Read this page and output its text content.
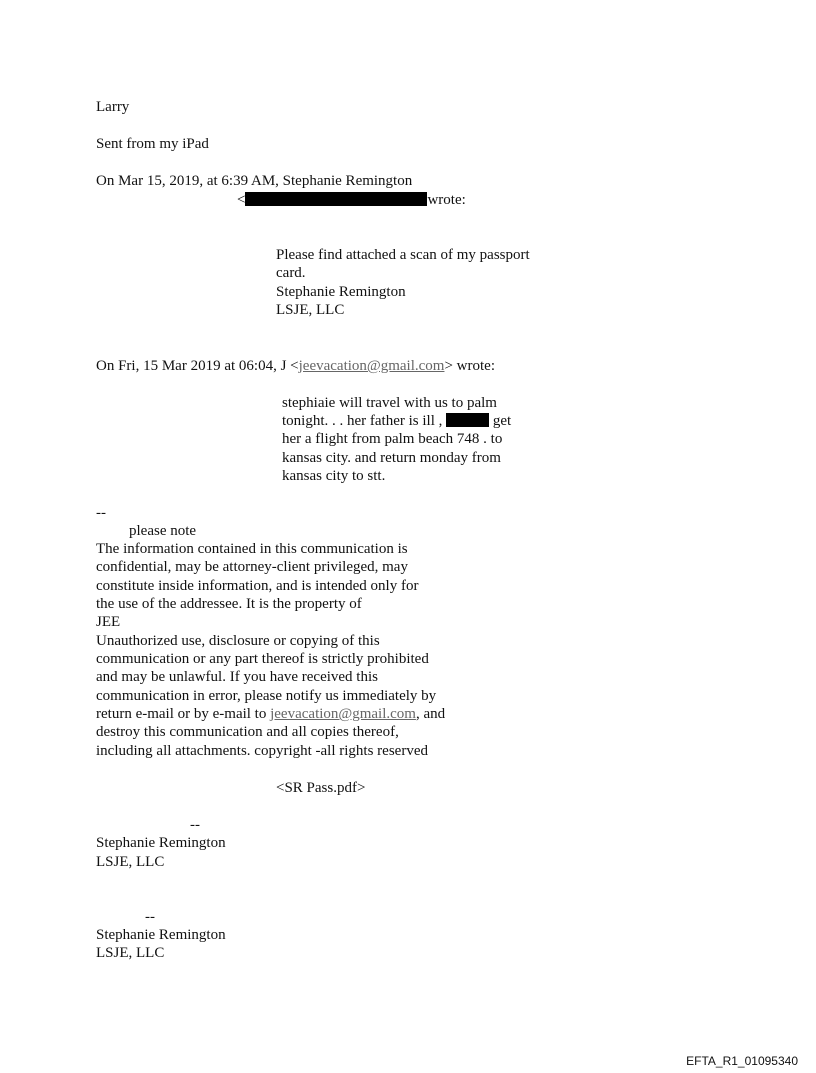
Larry
Sent from my iPad
On Mar 15, 2019, at 6:39 AM, Stephanie Remington
<	wrote:
Please find attached a scan of my passport
card.
Stephanie Remington
LSJE, LLC
On Fri, 15 Mar 2019 at 06:04, J <jeevacation@gmail.com> wrote:
stephiaie will travel with us to palm
tonight. . . her father is ill ,	get
her a flight from palm beach 748 . to
kansas city. and return monday from
kansas city to stt.
--
please note
The information contained in this communication is
confidential, may be attorney-client privileged, may
constitute inside information, and is intended only for
the use of the addressee. It is the property of
JEE
Unauthorized use, disclosure or copying of this
communication or any part thereof is strictly prohibited
and may be unlawful. If you have received this
communication in error, please notify us immediately by
return e-mail or by e-mail to jeevacation@gmail.com, and
destroy this communication and all copies thereof,
including all attachments. copyright -all rights reserved
<SR Pass.pdf>
--
Stephanie Remington
LSJE, LLC
--
Stephanie Remington
LSJE, LLC
EFTA_R1_01095340
